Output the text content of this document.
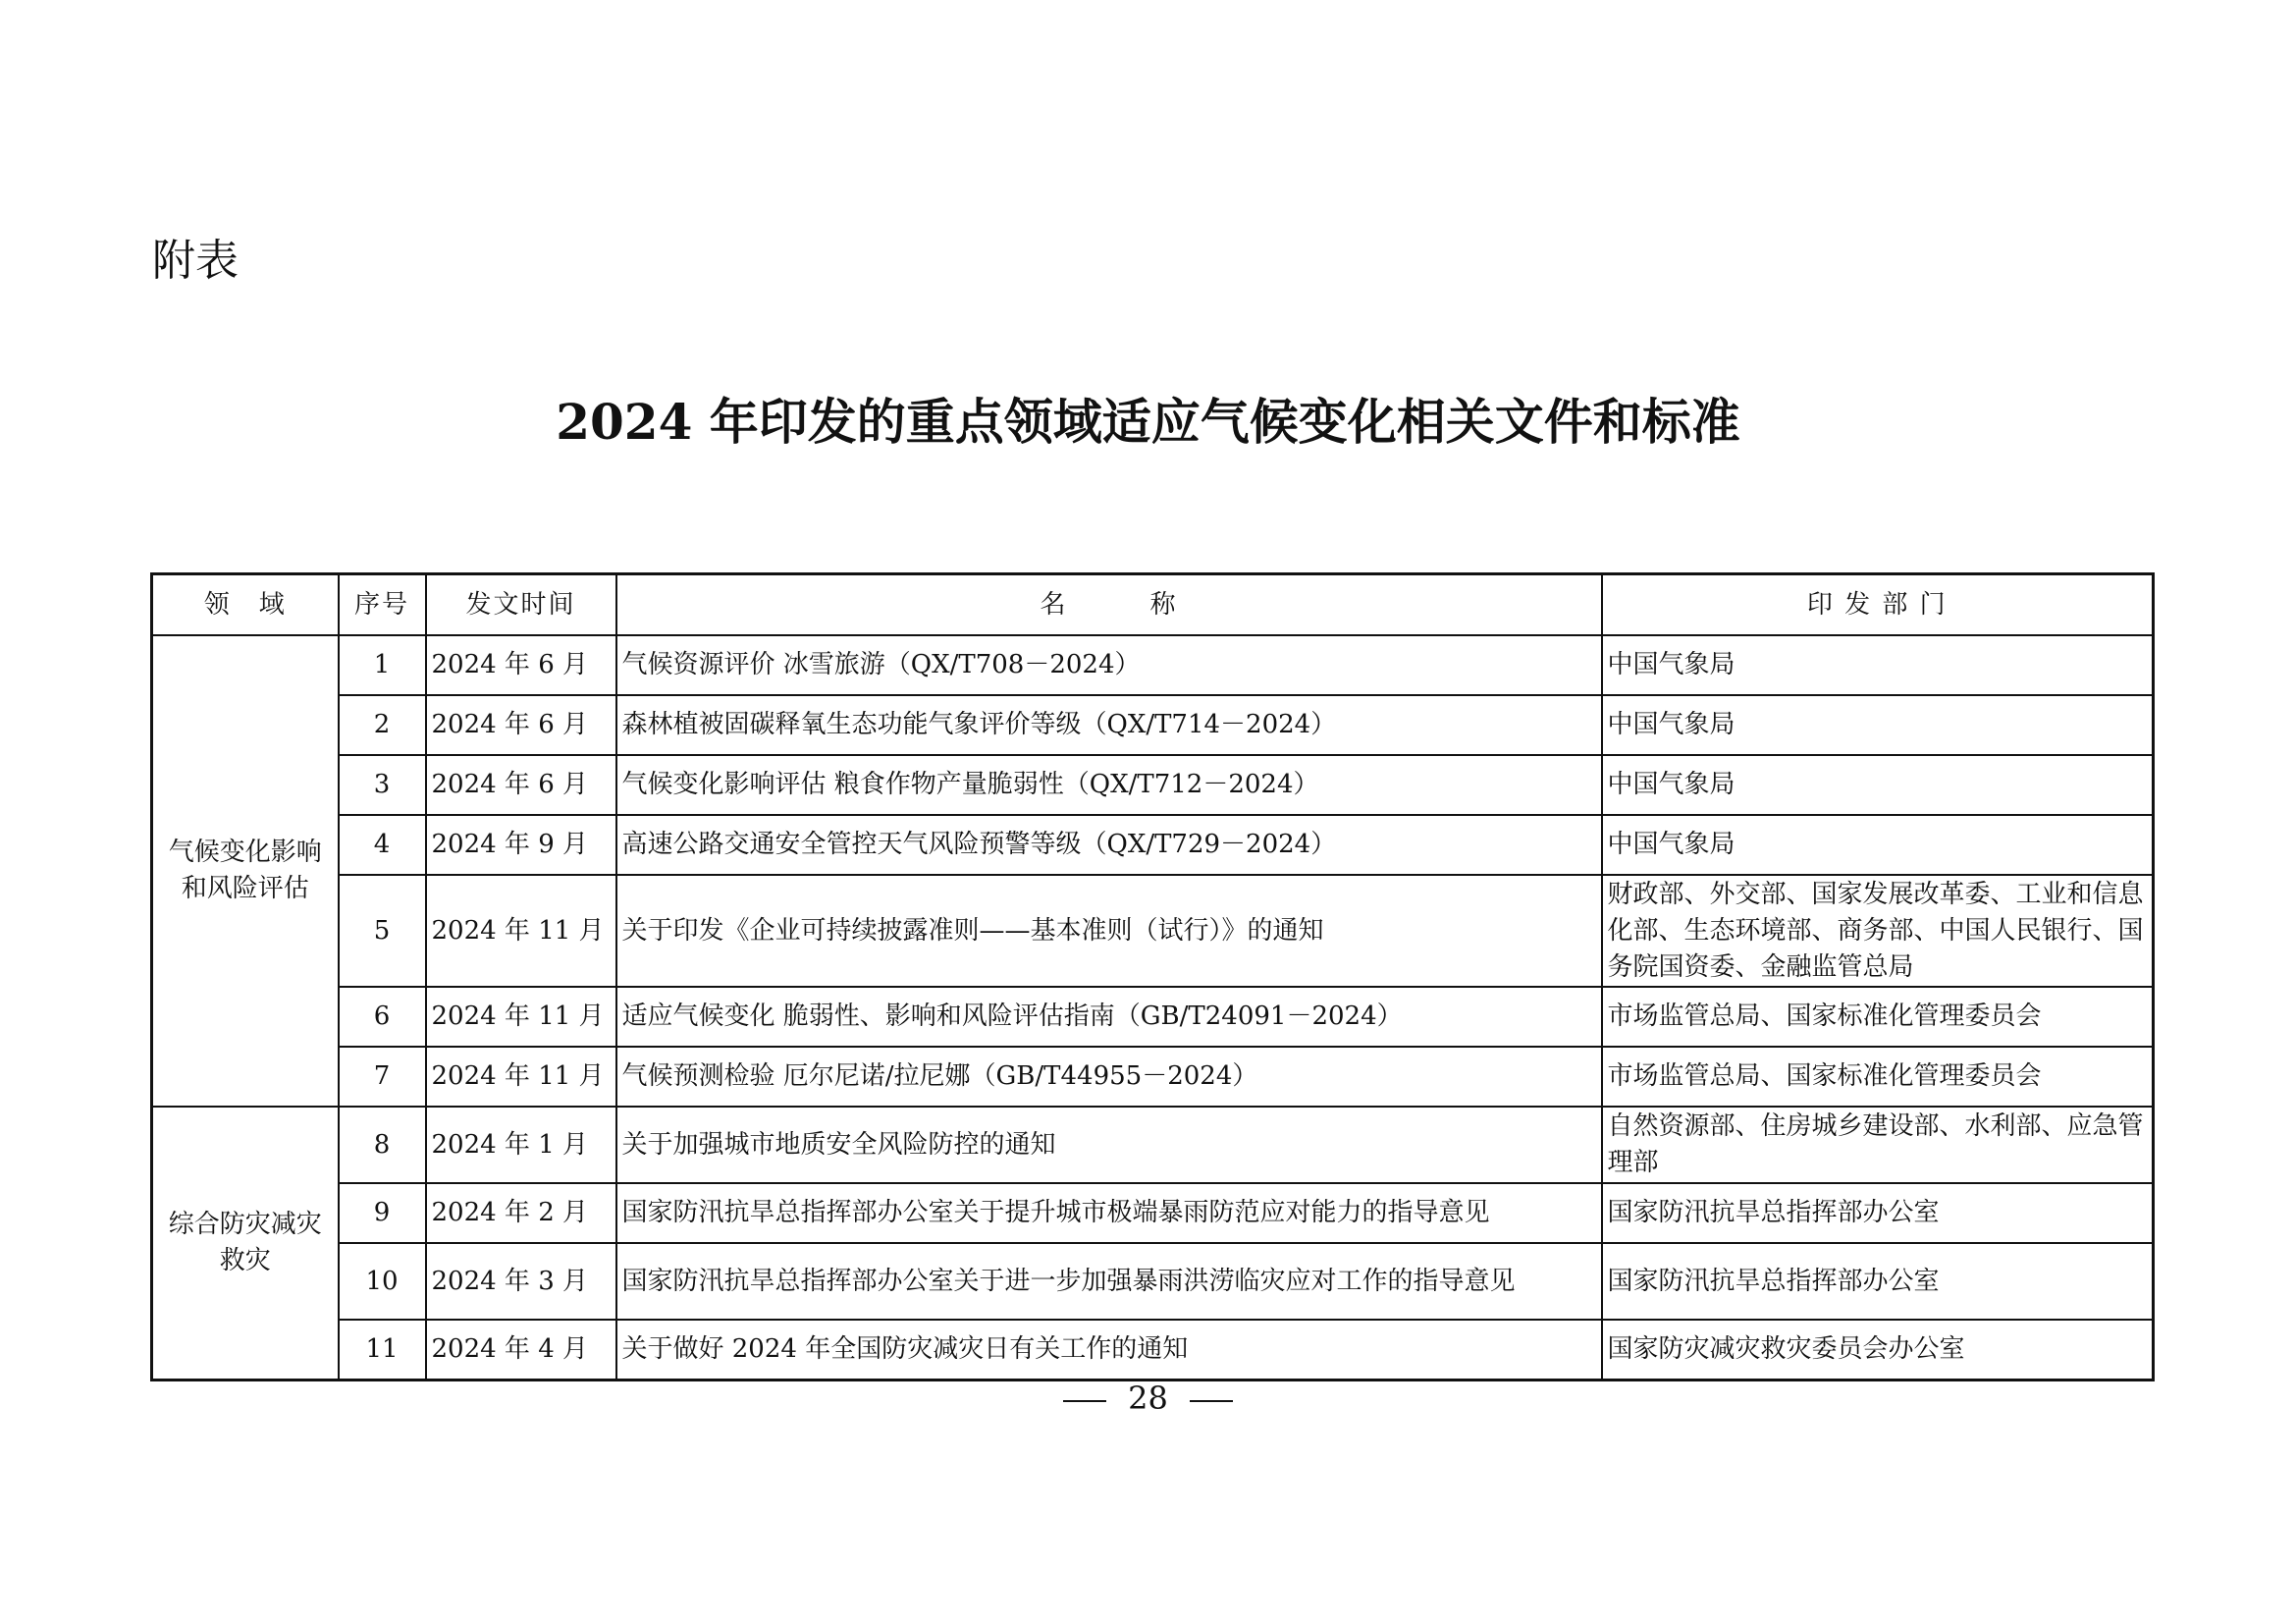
附表
2024 年印发的重点领域适应气候变化相关文件和标准
领　域	序号	发文时间	名　　　称	印 发 部 门
气候变化影响和风险评估	1	2024 年 6 月	气候资源评价 冰雪旅游（QX/T708－2024）	中国气象局
	2	2024 年 6 月	森林植被固碳释氧生态功能气象评价等级（QX/T714－2024）	中国气象局
	3	2024 年 6 月	气候变化影响评估 粮食作物产量脆弱性（QX/T712－2024）	中国气象局
	4	2024 年 9 月	高速公路交通安全管控天气风险预警等级（QX/T729－2024）	中国气象局
	5	2024 年 11 月	关于印发《企业可持续披露准则——基本准则（试行）》的通知	财政部、外交部、国家发展改革委、工业和信息化部、生态环境部、商务部、中国人民银行、国务院国资委、金融监管总局
	6	2024 年 11 月	适应气候变化 脆弱性、影响和风险评估指南（GB/T24091－2024）	市场监管总局、国家标准化管理委员会
	7	2024 年 11 月	气候预测检验 厄尔尼诺/拉尼娜（GB/T44955－2024）	市场监管总局、国家标准化管理委员会
综合防灾减灾救灾	8	2024 年 1 月	关于加强城市地质安全风险防控的通知	自然资源部、住房城乡建设部、水利部、应急管理部
	9	2024 年 2 月	国家防汛抗旱总指挥部办公室关于提升城市极端暴雨防范应对能力的指导意见	国家防汛抗旱总指挥部办公室
	10	2024 年 3 月	国家防汛抗旱总指挥部办公室关于进一步加强暴雨洪涝临灾应对工作的指导意见	国家防汛抗旱总指挥部办公室
	11	2024 年 4 月	关于做好 2024 年全国防灾减灾日有关工作的通知	国家防灾减灾救灾委员会办公室
28
